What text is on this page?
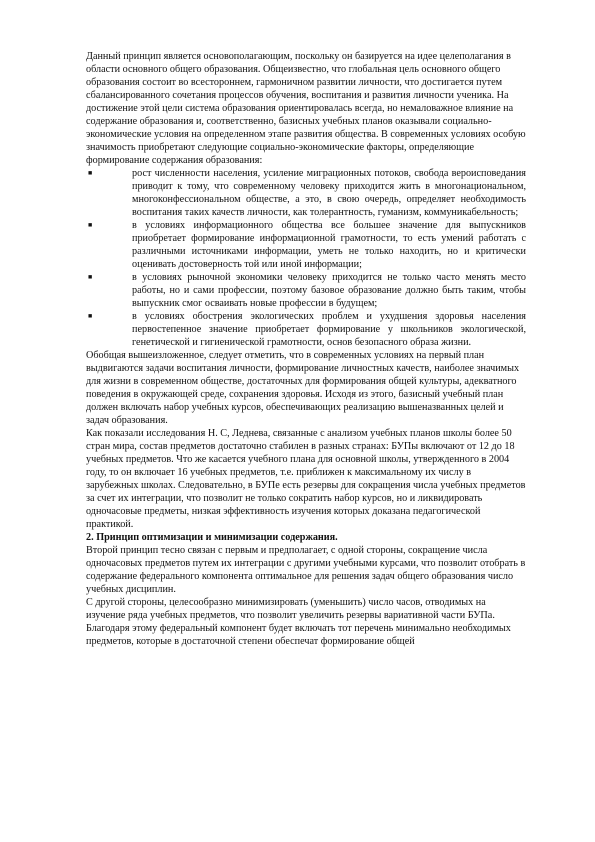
Данный принцип является основополагающим, поскольку он базируется на идее целеполагания в области основного общего образования. Общеизвестно, что глобальная цель основного общего образования состоит во всестороннем, гармоничном развитии личности, что достигается путем сбалансированного сочетания процессов обучения, воспитания и развития личности ученика. На достижение этой цели система образования ориентировалась всегда, но немаловажное влияние на содержание образования и, соответственно, базисных учебных планов оказывали социально-экономические условия на определенном этапе развития общества. В современных условиях особую значимость приобретают следующие социально-экономические факторы, определяющие формирование содержания образования:

■	рост численности населения, усиление миграционных потоков, свобода вероисповедания приводит к тому, что современному человеку приходится жить в многонациональном, многоконфессиональном обществе, а это, в свою очередь, определяет необходимость воспитания таких качеств личности, как толерантность, гуманизм, коммуникабельность;
■	в условиях информационного общества все большее значение для выпускников приобретает формирование информационной грамотности, то есть умений работать с различными источниками информации, уметь не только находить, но и критически оценивать достоверность той или иной информации;
■	в условиях рыночной экономики человеку приходится не только часто менять место работы, но и сами профессии, поэтому базовое образование должно быть таким, чтобы выпускник смог осваивать новые профессии в будущем;
■	в условиях обострения экологических проблем и ухудшения здоровья населения первостепенное значение приобретает формирование у школьников экологической, генетической и гигиенической грамотности, основ безопасного образа жизни.

Обобщая вышеизложенное, следует отметить, что в современных условиях на первый план выдвигаются задачи воспитания личности, формирование личностных качеств, наиболее значимых для жизни в современном обществе, достаточных для формирования общей культуры, адекватного поведения в окружающей среде, сохранения здоровья. Исходя из этого, базисный учебный план должен включать набор учебных курсов, обеспечивающих реализацию вышеназванных целей и задач образования.

Как показали исследования Н. С, Леднева, связанные с анализом учебных планов школы более 50 стран мира, состав предметов достаточно стабилен в разных странах: БУПы включают от 12 до 18 учебных предметов. Что же касается учебного плана для основной школы, утвержденного в 2004 году, то он включает 16 учебных предметов, т.е. приближен к максимальному их числу в зарубежных школах. Следовательно, в БУПе есть резервы для сокращения числа учебных предметов за счет их интеграции, что позволит не только сократить набор курсов, но и ликвидировать одночасовые предметы, низкая эффективность изучения которых доказана педагогической практикой.

2. Принцип оптимизации и минимизации содержания.

Второй принцип тесно связан с первым и предполагает, с одной стороны, сокращение числа одночасовых предметов путем их интеграции с другими учебными курсами, что позволит отобрать в содержание федерального компонента оптимальное для решения задач общего образования число учебных дисциплин.

С другой стороны, целесообразно минимизировать (уменьшить) число часов, отводимых на изучение ряда учебных предметов, что позволит увеличить резервы вариативной части БУПа.

Благодаря этому федеральный компонент будет включать тот перечень минимально необходимых предметов, которые в достаточной степени обеспечат формирование общей
